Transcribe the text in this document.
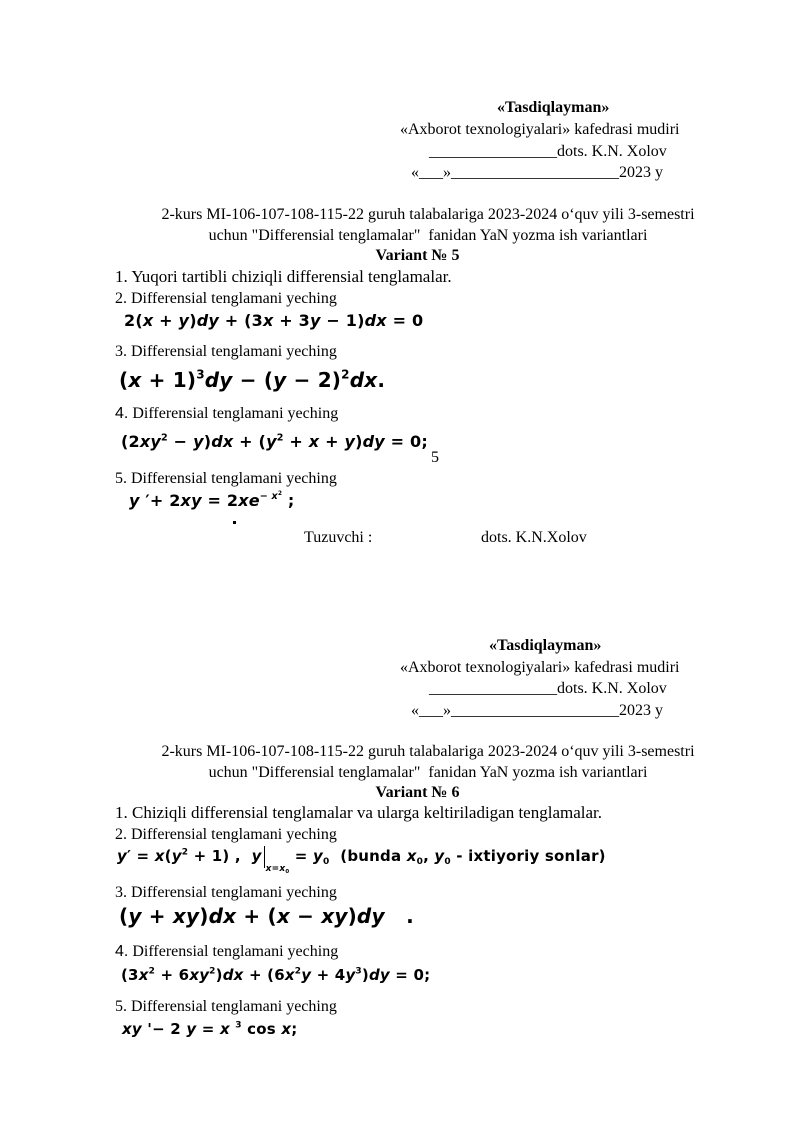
«Tasdiqlayman»
«Axborot texnologiyalari» kafedrasi mudiri
________________dots. K.N. Xolov
«___»_____________________2023 y
2-kurs MI-106-107-108-115-22 guruh talabalariga 2023-2024 o‘quv yili 3-semestri
uchun "Differensial tenglamalar"  fanidan YaN yozma ish variantlari
Variant № 5
1. Yuqori tartibli chiziqli differensial tenglamalar.
2. Differensial tenglamani yeching
2(x + y)dy + (3x + 3y − 1)dx = 0
3. Differensial tenglamani yeching
$(x + 1)^3dy - (y - 2)^2dx$.
4. Differensial tenglamani yeching
$(2xy^2 - y)dx + (y^2 + x + y)dy = 0$;
5
5. Differensial tenglamani yeching
y ′+ $2xy = 2xe^{- x^2}$ ;
Tuzuvchi :	dots. K.N.Xolov
«Tasdiqlayman»
«Axborot texnologiyalari» kafedrasi mudiri
________________dots. K.N. Xolov
«___»_____________________2023 y
2-kurs MI-106-107-108-115-22 guruh talabalariga 2023-2024 o‘quv yili 3-semestri
uchun "Differensial tenglamalar"  fanidan YaN yozma ish variantlari
Variant № 6
1. Chiziqli differensial tenglamalar va ularga keltiriladigan tenglamalar.
2. Differensial tenglamani yeching
$y' = x(y^2 + 1)$ ,  $y_{x=x_0} = y_0$  (bunda $x_0$, $y_0$ - ixtiyoriy sonlar)
3. Differensial tenglamani yeching
(y + xy)dx + (x − xy)dy   .
4. Differensial tenglamani yeching
$(3x^2 + 6xy^2)dx + (6x^2y + 4y^3)dy = 0$;
5. Differensial tenglamani yeching
xy '− 2 y = x $^3$ cos x;
